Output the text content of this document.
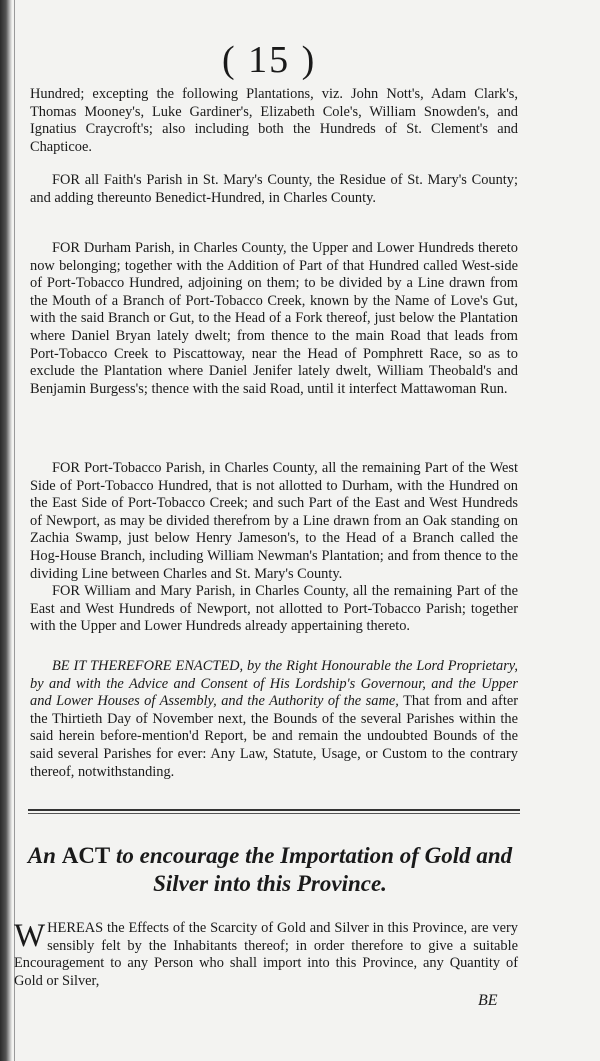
( 15 )

Hundred; excepting the following Plantations, viz. John Nott's, Adam Clark's, Thomas Mooney's, Luke Gardiner's, Elizabeth Cole's, William Snowden's, and Ignatius Craycroft's; also including both the Hundreds of St. Clement's and Chapticoe.

FOR all Faith's Parish in St. Mary's County, the Residue of St. Mary's County; and adding thereunto Benedict-Hundred, in Charles County.

FOR Durham Parish, in Charles County, the Upper and Lower Hundreds thereto now belonging; together with the Addition of Part of that Hundred called West-side of Port-Tobacco Hundred, adjoining on them; to be divided by a Line drawn from the Mouth of a Branch of Port-Tobacco Creek, known by the Name of Love's Gut, with the said Branch or Gut, to the Head of a Fork thereof, just below the Plantation where Daniel Bryan lately dwelt; from thence to the main Road that leads from Port-Tobacco Creek to Piscattoway, near the Head of Pomphrett Race, so as to exclude the Plantation where Daniel Jenifer lately dwelt, William Theobald's and Benjamin Burgess's; thence with the said Road, until it interfect Mattawoman Run.

FOR Port-Tobacco Parish, in Charles County, all the remaining Part of the West Side of Port-Tobacco Hundred, that is not allotted to Durham, with the Hundred on the East Side of Port-Tobacco Creek; and such Part of the East and West Hundreds of Newport, as may be divided therefrom by a Line drawn from an Oak standing on Zachia Swamp, just below Henry Jameson's, to the Head of a Branch called the Hog-House Branch, including William Newman's Plantation; and from thence to the dividing Line between Charles and St. Mary's County.

FOR William and Mary Parish, in Charles County, all the remaining Part of the East and West Hundreds of Newport, not allotted to Port-Tobacco Parish; together with the Upper and Lower Hundreds already appertaining thereto.

BE IT THEREFORE ENACTED, by the Right Honourable the Lord Proprietary, by and with the Advice and Consent of His Lordship's Governour, and the Upper and Lower Houses of Assembly, and the Authority of the same, That from and after the Thirtieth Day of November next, the Bounds of the several Parishes within the said herein before-mention'd Report, be and remain the undoubted Bounds of the said several Parishes for ever: Any Law, Statute, Usage, or Custom to the contrary thereof, notwithstanding.

An ACT to encourage the Importation of Gold and Silver into this Province.
WHEREAS the Effects of the Scarcity of Gold and Silver in this Province, are very sensibly felt by the Inhabitants thereof; in order therefore to give a suitable Encouragement to any Person who shall import into this Province, any Quantity of Gold or Silver,
BE
